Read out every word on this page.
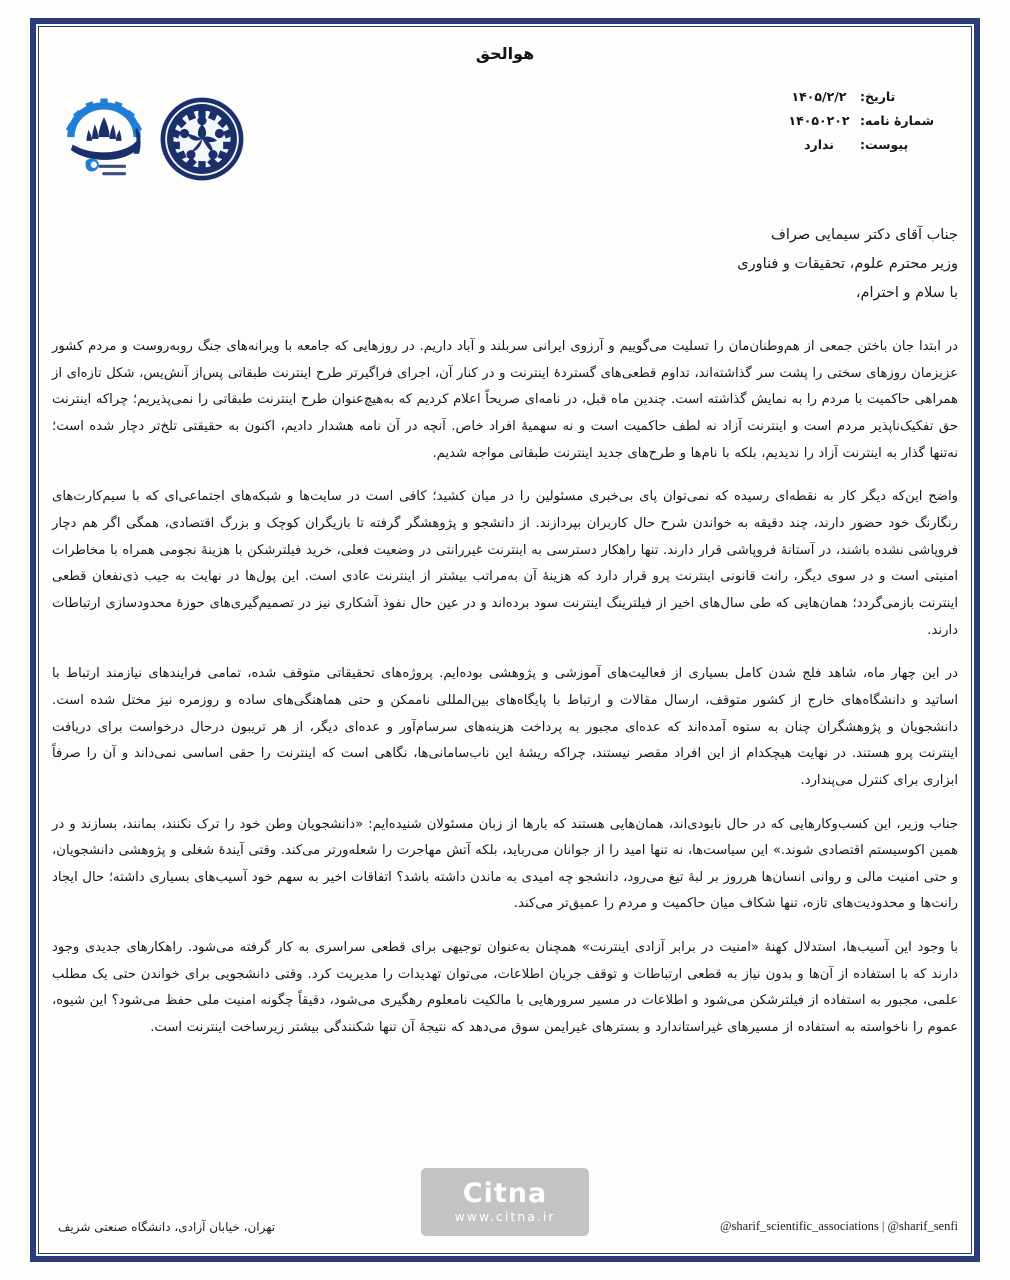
هوالحق
تاریخ:
۱۴۰۵/۲/۲
شمارۀ نامه:
۱۴۰۵۰۲۰۲
پیوست:
ندارد
جناب آقای دکتر سیمایی صراف
وزیر محترم علوم، تحقیقات و فناوری
با سلام و احترام،

در ابتدا جان باختن جمعی از هم‌وطنان‌مان را تسلیت می‌گوییم و آرزوی ایرانی سربلند و آباد داریم. در روزهایی که جامعه با ویرانه‌های جنگ روبه‌روست و مردم کشور عزیزمان روزهای سختی را پشت سر گذاشته‌اند، تداوم قطعی‌های گستردۀ اینترنت و در کنار آن، اجرای فراگیرتر طرح اینترنت طبقاتی پس‌از آنش‌یس، شکل تازه‌ای از همراهی حاکمیت با مردم را به نمایش گذاشته است. چندین ماه قبل، در نامه‌ای صریحاً اعلام کردیم که به‌هیچ‌عنوان طرح اینترنت طبقاتی را نمی‌پذیریم؛ چراکه اینترنت حق تفکیک‌ناپذیر مردم است و اینترنت آزاد نه لطف حاکمیت است و نه سهمیۀ افراد خاص. آنچه در آن نامه هشدار دادیم، اکنون به حقیقتی تلخ‌تر دچار شده است؛ نه‌تنها گذار به اینترنت آزاد را ندیدیم، بلکه با نام‌ها و طرح‌های جدید اینترنت طبقاتی مواجه شدیم.

واضح این‌که دیگر کار به نقطه‌ای رسیده که نمی‌توان پای بی‌خبری مسئولین را در میان کشید؛ کافی است در سایت‌ها و شبکه‌های اجتماعی‌ای که با سیم‌کارت‌های رنگارنگ خود حضور دارند، چند دقیقه به خواندن شرح حال کاربران بپردازند. از دانشجو و پژوهشگر گرفته تا بازیگران کوچک و بزرگ اقتصادی، همگی اگر هم دچار فروپاشی نشده باشند، در آستانۀ فروپاشی قرار دارند. تنها راهکار دسترسی به اینترنت غیررانتی در وضعیت فعلی، خرید فیلترشکن با هزینۀ نجومی همراه با مخاطرات امنیتی است و در سوی دیگر، رانت قانونی اینترنت پرو قرار دارد که هزینۀ آن به‌مراتب بیشتر از اینترنت عادی است. این پول‌ها در نهایت به جیب ذی‌نفعان قطعی اینترنت بازمی‌گردد؛ همان‌هایی که طی سال‌های اخیر از فیلترینگ اینترنت سود برده‌اند و در عین حال نفوذ آشکاری نیز در تصمیم‌گیری‌های حوزۀ محدودسازی ارتباطات دارند.

در این چهار ماه، شاهد فلج شدن کامل بسیاری از فعالیت‌های آموزشی و پژوهشی بوده‌ایم. پروژه‌های تحقیقاتی متوقف شده، تمامی فرایندهای نیازمند ارتباط با اساتید و دانشگاه‌های خارج از کشور متوقف، ارسال مقالات و ارتباط با پایگاه‌های بین‌المللی ناممکن و حتی هماهنگی‌های ساده و روزمره نیز مختل شده است. دانشجویان و پژوهشگران چنان به ستوه آمده‌اند که عده‌ای مجبور به پرداخت هزینه‌های سرسام‌آور و عده‌ای دیگر، از هر تریبون درحال درخواست برای دریافت اینترنت پرو هستند. در نهایت هیچکدام از این افراد مقصر نیستند، چراکه ریشۀ این ناب‌سامانی‌ها، نگاهی است که اینترنت را حقی اساسی نمی‌داند و آن را صرفاً ابزاری برای کنترل می‌پندارد.

جناب وزیر، این کسب‌وکارهایی که در حال نابودی‌اند، همان‌هایی هستند که بارها از زبان مسئولان شنیده‌ایم: «دانشجویان وطن خود را ترک نکنند، بمانند، بسازند و در همین اکوسیستم اقتصادی شوند.» این سیاست‌ها، نه تنها امید را از جوانان می‌رباید، بلکه آتش مهاجرت را شعله‌ورتر می‌کند. وقتی آیندۀ شغلی و پژوهشی دانشجویان، و حتی امنیت مالی و روانی انسان‌ها هرروز بر لبۀ تیغ می‌رود، دانشجو چه امیدی به ماندن داشته باشد؟ اتفاقات اخیر به سهم خود آسیب‌های بسیاری داشته؛ حال ایجاد رانت‌ها و محدودیت‌های تازه، تنها شکاف میان حاکمیت و مردم را عمیق‌تر می‌کند.

با وجود این آسیب‌ها، استدلال کهنۀ «امنیت در برابر آزادی اینترنت» همچنان به‌عنوان توجیهی برای قطعی سراسری به کار گرفته می‌شود. راهکارهای جدیدی وجود دارند که با استفاده از آن‌ها و بدون نیاز به قطعی ارتباطات و توقف جریان اطلاعات، می‌توان تهدیدات را مدیریت کرد. وقتی دانشجویی برای خواندن حتی یک مطلب علمی، مجبور به استفاده از فیلترشکن می‌شود و اطلاعات در مسیر سرورهایی با مالکیت نامعلوم رهگیری می‌شود، دقیقاً چگونه امنیت ملی حفظ می‌شود؟ این شیوه، عموم را ناخواسته به استفاده از مسیرهای غیراستاندارد و بسترهای غیرایمن سوق می‌دهد که نتیجۀ آن تنها شکنندگی بیشتر زیرساخت اینترنت است.

@sharif_scientific_associations | @sharif_senfi
تهران، خیابان آزادی، دانشگاه صنعتی شریف
Citna
www.citna.ir
